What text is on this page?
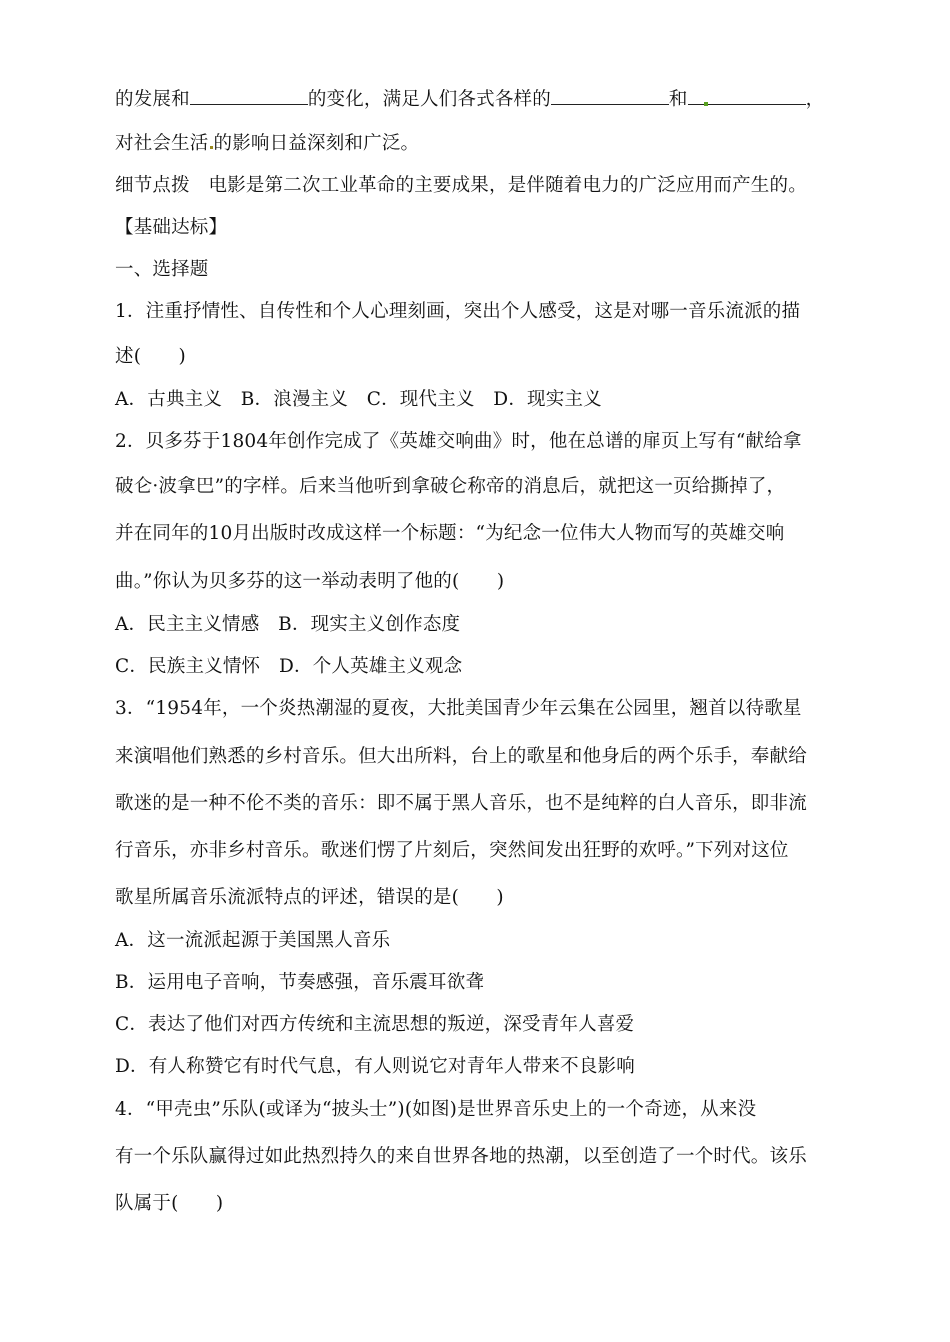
的发展和	的变化，满足人们各式各样的	和	，
对社会生活 的影响日益深刻和广泛。
细节点拨　电影是第二次工业革命的主要成果，是伴随着电力的广泛应用而产生的。
【基础达标】
一、选择题
1．注重抒情性、自传性和个人心理刻画，突出个人感受，这是对哪一音乐流派的描
述(　　)
A．古典主义　B．浪漫主义　C．现代主义　D．现实主义
2．贝多芬于1804年创作完成了《英雄交响曲》时，他在总谱的扉页上写有“献给拿
破仑·波拿巴”的字样。后来当他听到拿破仑称帝的消息后，就把这一页给撕掉了，
并在同年的10月出版时改成这样一个标题：“为纪念一位伟大人物而写的英雄交响
曲。”你认为贝多芬的这一举动表明了他的(　　)
A．民主主义情感　B．现实主义创作态度
C．民族主义情怀　D．个人英雄主义观念
3．“1954年，一个炎热潮湿的夏夜，大批美国青少年云集在公园里，翘首以待歌星
来演唱他们熟悉的乡村音乐。但大出所料，台上的歌星和他身后的两个乐手，奉献给
歌迷的是一种不伦不类的音乐：即不属于黑人音乐，也不是纯粹的白人音乐，即非流
行音乐，亦非乡村音乐。歌迷们愣了片刻后，突然间发出狂野的欢呼。”下列对这位
歌星所属音乐流派特点的评述，错误的是(　　)
A．这一流派起源于美国黑人音乐
B．运用电子音响，节奏感强，音乐震耳欲聋
C．表达了他们对西方传统和主流思想的叛逆，深受青年人喜爱
D．有人称赞它有时代气息，有人则说它对青年人带来不良影响
4．“甲壳虫”乐队(或译为“披头士”)(如图)是世界音乐史上的一个奇迹，从来没
有一个乐队赢得过如此热烈持久的来自世界各地的热潮，以至创造了一个时代。该乐
队属于(　　)
